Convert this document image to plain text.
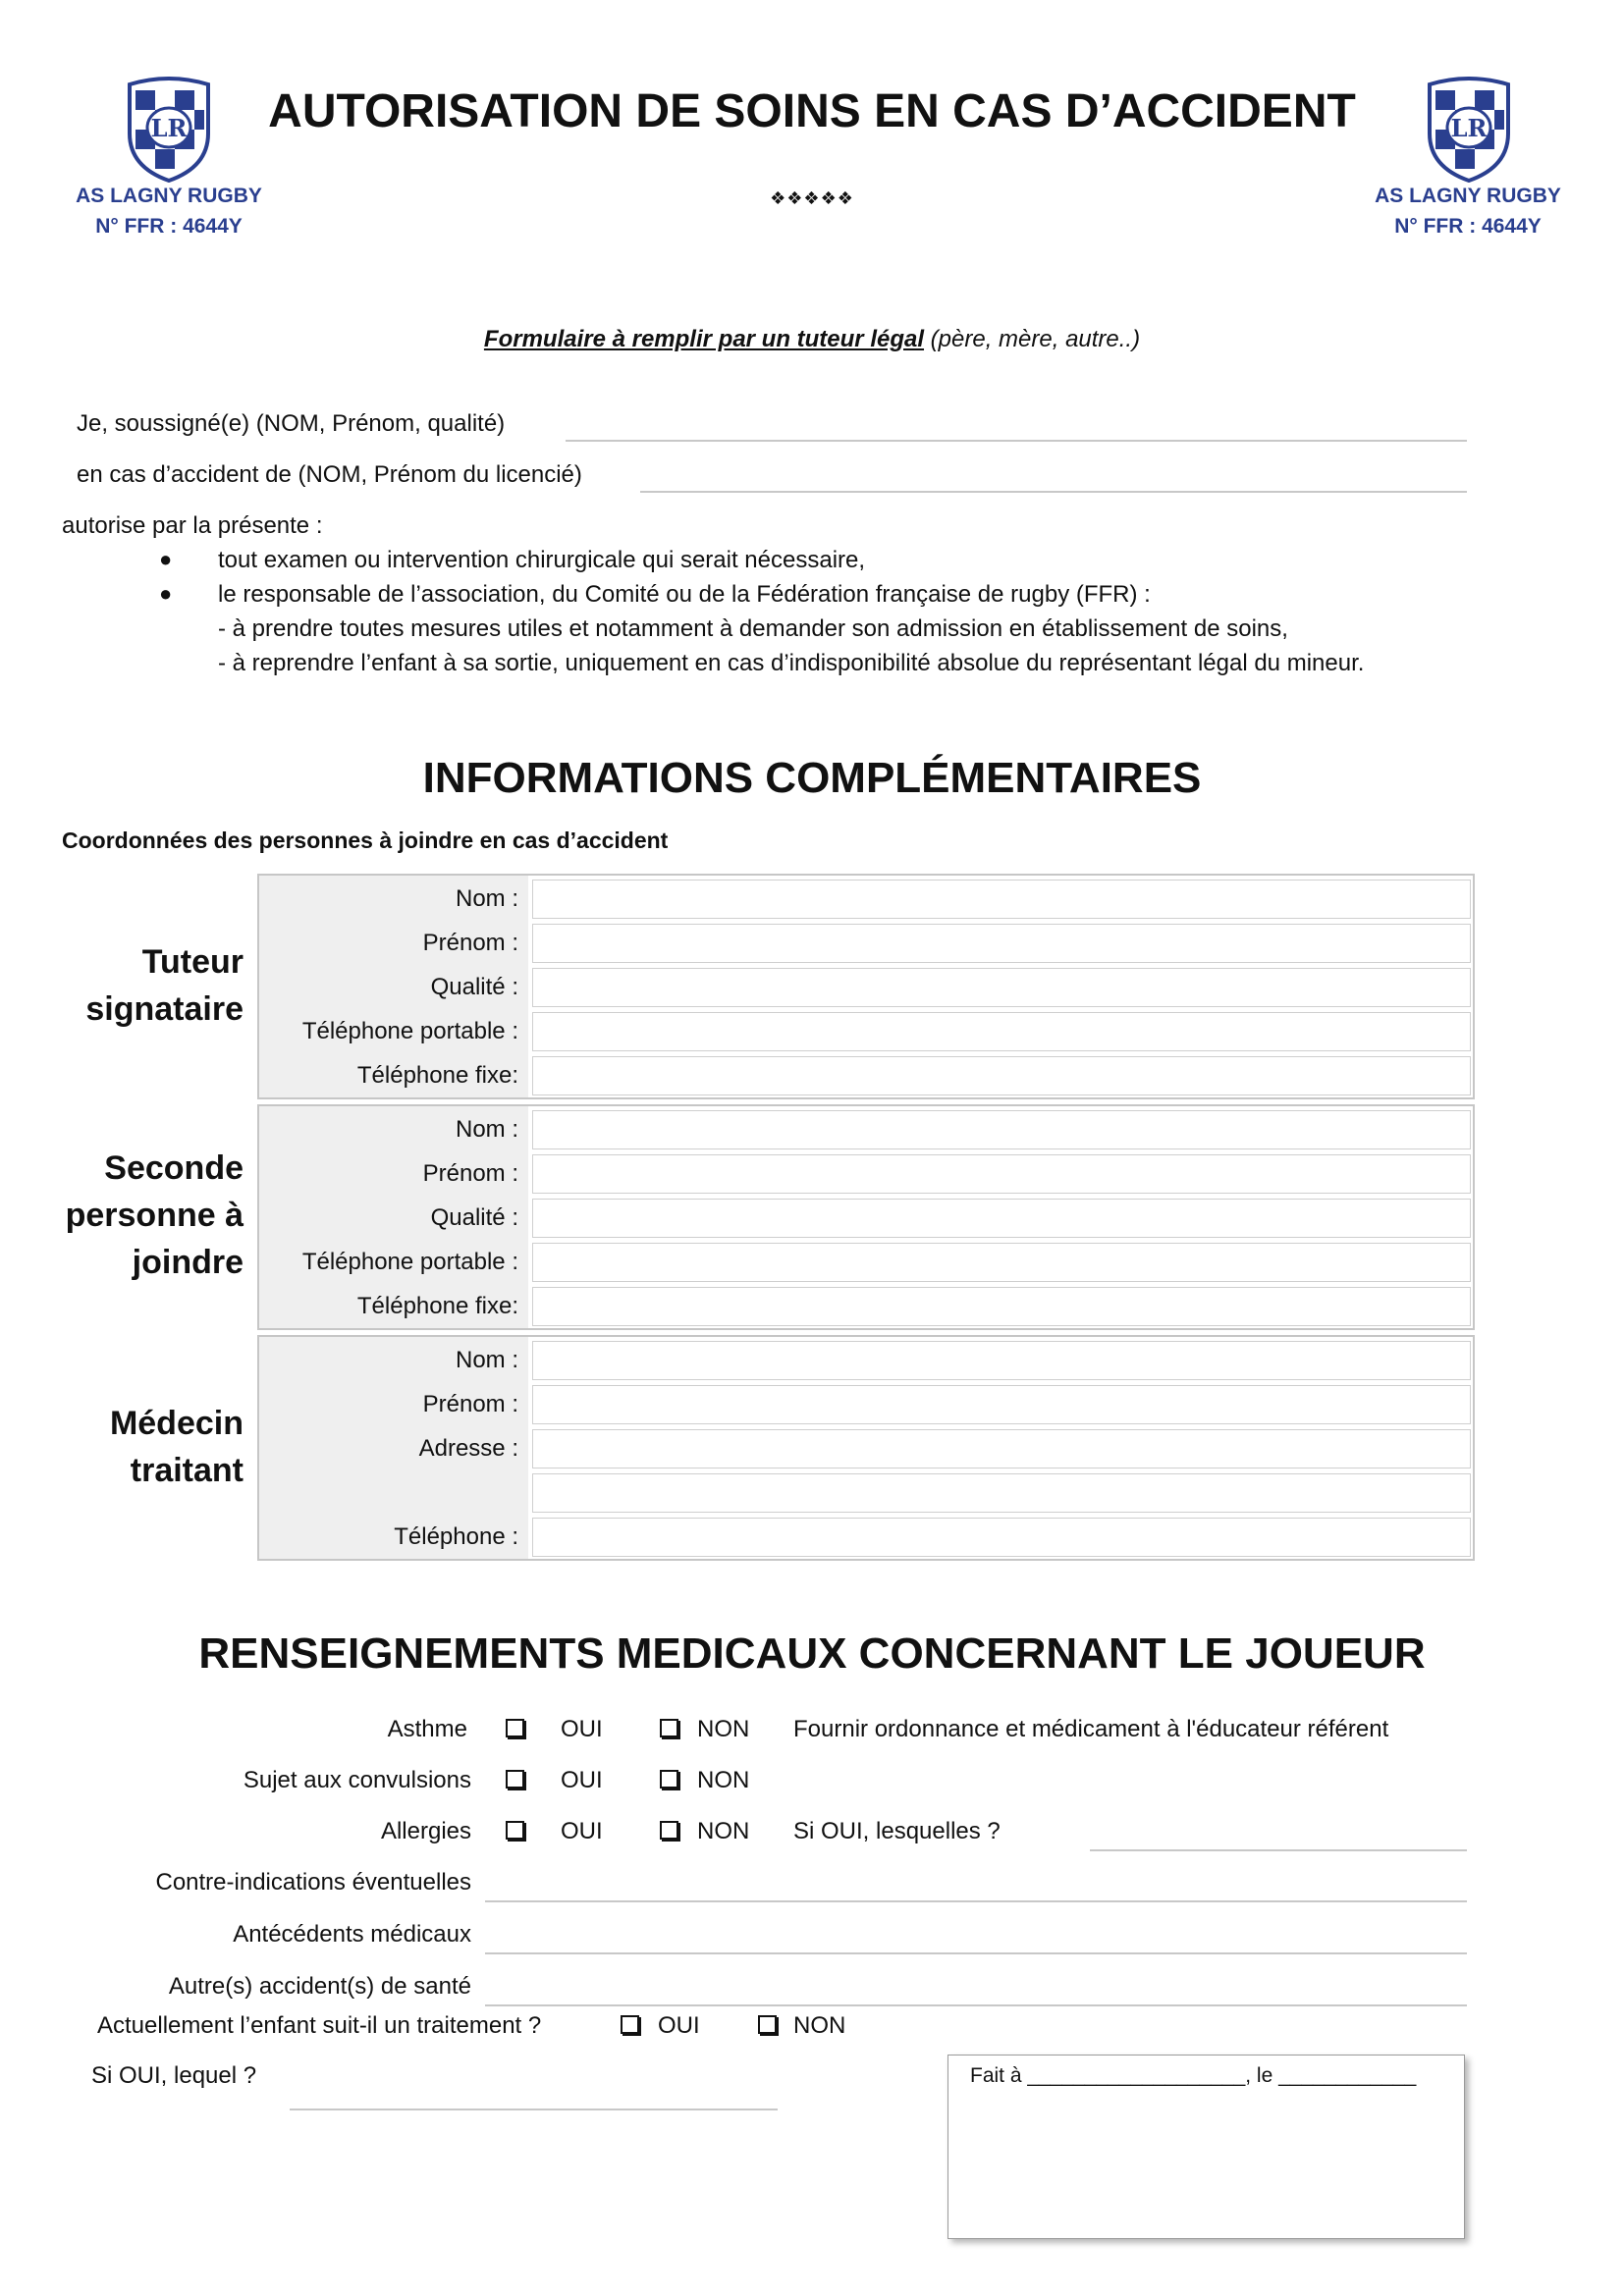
LR
AS LAGNY RUGBY
N° FFR : 4644Y
LR
AS LAGNY RUGBY
N° FFR : 4644Y
AUTORISATION DE SOINS EN CAS D’ACCIDENT
❖❖❖❖❖
Formulaire à remplir par un tuteur légal (père, mère, autre..)
Je, soussigné(e) (NOM, Prénom, qualité)
en cas d’accident de (NOM, Prénom du licencié)
autorise par la présente :
● tout examen ou intervention chirurgicale qui serait nécessaire,
● le responsable de l’association, du Comité ou de la Fédération française de rugby (FFR) :
- à prendre toutes mesures utiles et notamment à demander son admission en établissement de soins,
- à reprendre l’enfant à sa sortie, uniquement en cas d’indisponibilité absolue du représentant légal du mineur.
INFORMATIONS COMPLÉMENTAIRES
Coordonnées des personnes à joindre en cas d’accident
Tuteur
signataire
Nom :
Prénom :
Qualité :
Téléphone portable :
Téléphone fixe:
Seconde
personne à
joindre
Nom :
Prénom :
Qualité :
Téléphone portable :
Téléphone fixe:
Médecin
traitant
Nom :
Prénom :
Adresse :
Téléphone :
RENSEIGNEMENTS MEDICAUX CONCERNANT LE JOUEUR
Asthme	OUI	NON Fournir ordonnance et médicament à l'éducateur référent
Sujet aux convulsions	OUI	NON
Allergies	OUI	NON Si OUI, lesquelles ?
Contre-indications éventuelles
Antécédents médicaux
Autre(s) accident(s) de santé
Actuellement l’enfant suit-il un traitement ?	OUI	NON
Si OUI, lequel ?	Fait à ___________________, le ____________
